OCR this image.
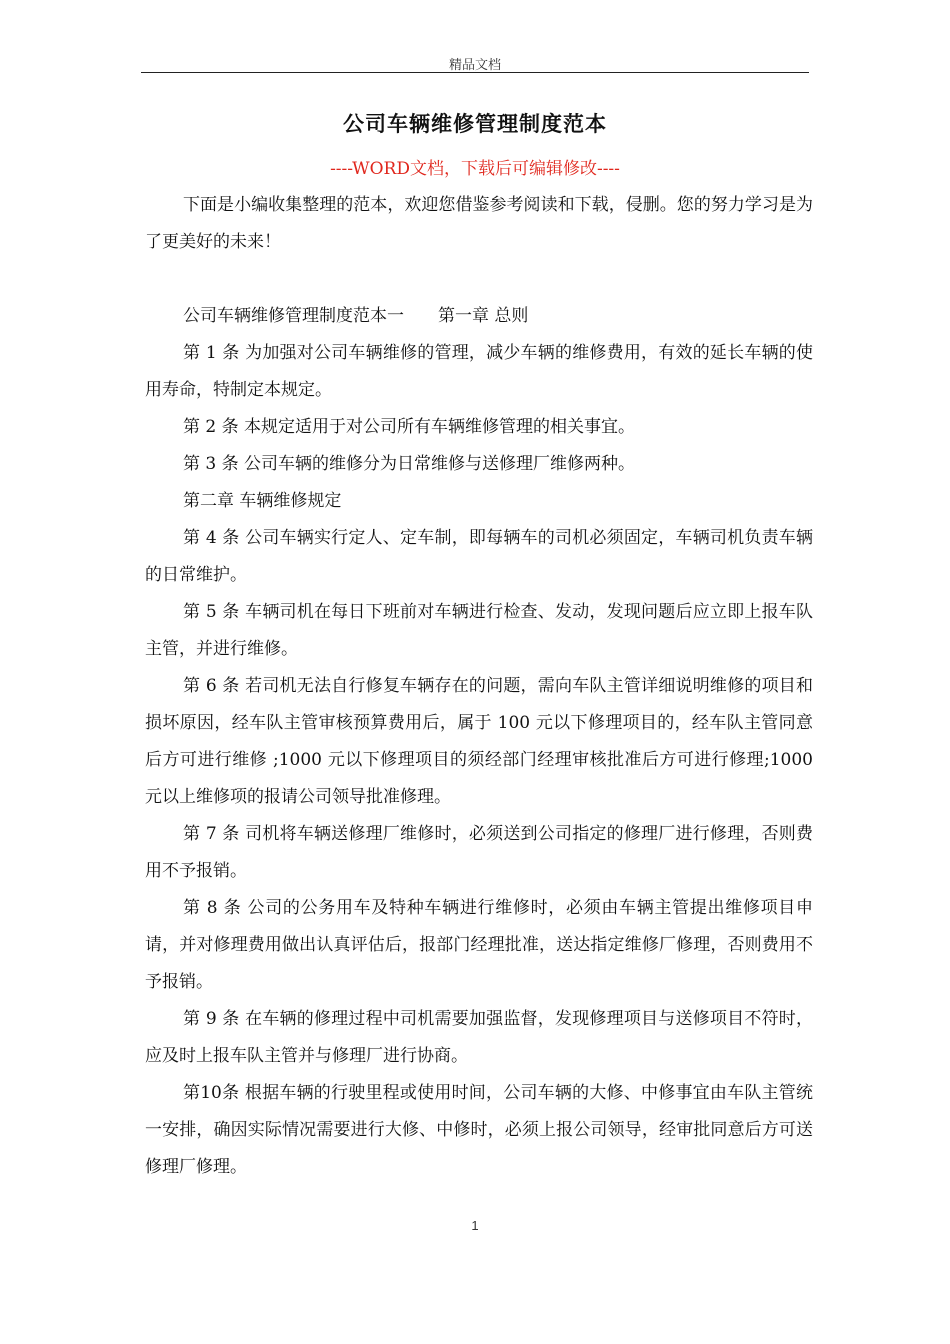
精品文档
公司车辆维修管理制度范本
----WORD文档，下载后可编辑修改----

下面是小编收集整理的范本，欢迎您借鉴参考阅读和下载，侵删。您的努力学习是为了更美好的未来！

公司车辆维修管理制度范本一　　第一章 总则

第 1 条 为加强对公司车辆维修的管理，减少车辆的维修费用，有效的延长车辆的使用寿命，特制定本规定。

第 2 条 本规定适用于对公司所有车辆维修管理的相关事宜。

第 3 条 公司车辆的维修分为日常维修与送修理厂维修两种。

第二章 车辆维修规定

第 4 条 公司车辆实行定人、定车制，即每辆车的司机必须固定，车辆司机负责车辆的日常维护。

第 5 条 车辆司机在每日下班前对车辆进行检查、发动，发现问题后应立即上报车队主管，并进行维修。

第 6 条 若司机无法自行修复车辆存在的问题，需向车队主管详细说明维修的项目和损坏原因，经车队主管审核预算费用后，属于 100 元以下修理项目的，经车队主管同意后方可进行维修 ;1000 元以下修理项目的须经部门经理审核批准后方可进行修理;1000元以上维修项的报请公司领导批准修理。

第 7 条 司机将车辆送修理厂维修时，必须送到公司指定的修理厂进行修理，否则费用不予报销。

第 8 条 公司的公务用车及特种车辆进行维修时，必须由车辆主管提出维修项目申请，并对修理费用做出认真评估后，报部门经理批准，送达指定维修厂修理，否则费用不予报销。

第 9 条 在车辆的修理过程中司机需要加强监督，发现修理项目与送修项目不符时，应及时上报车队主管并与修理厂进行协商。

第10条 根据车辆的行驶里程或使用时间，公司车辆的大修、中修事宜由车队主管统一安排，确因实际情况需要进行大修、中修时，必须上报公司领导，经审批同意后方可送修理厂修理。

1
